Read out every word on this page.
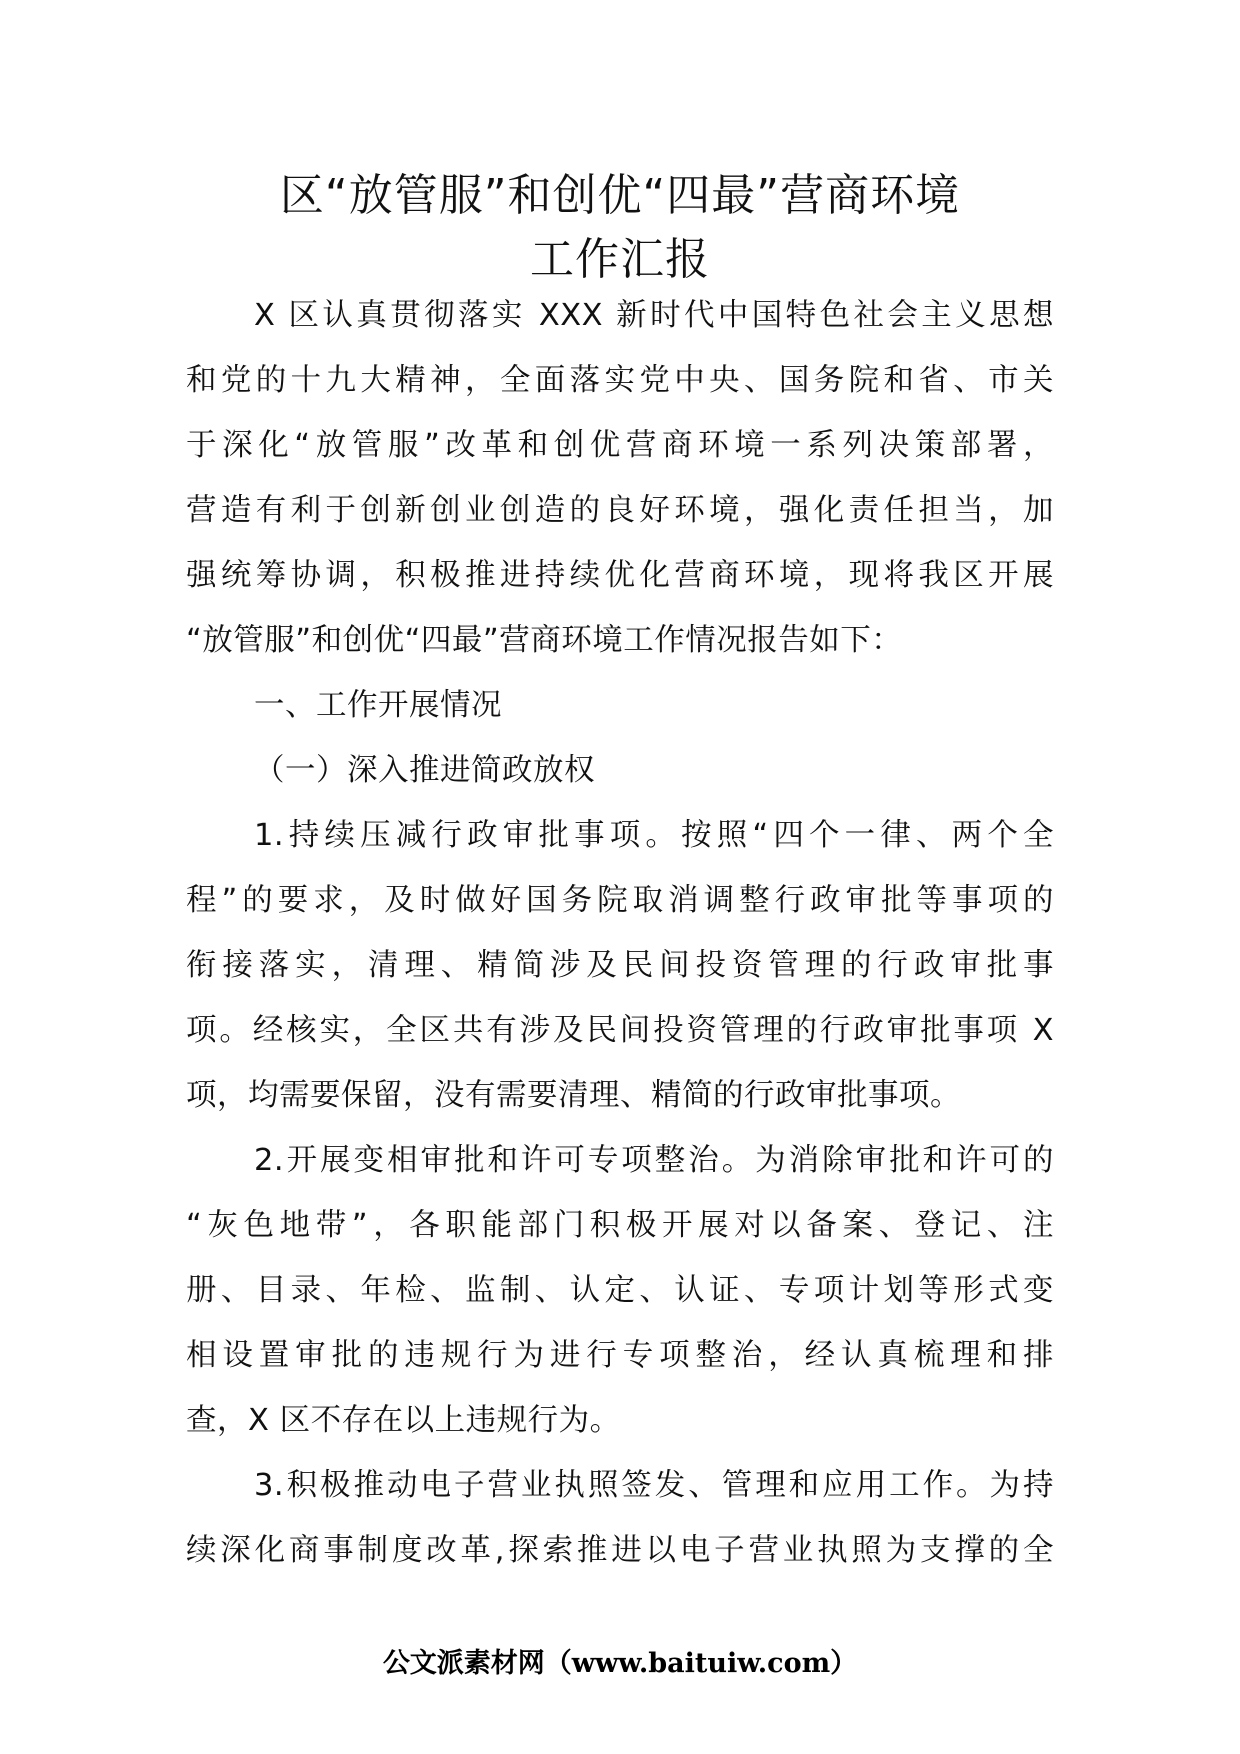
区“放管服”和创优“四最”营商环境
工作汇报
X 区认真贯彻落实 XXX 新时代中国特色社会主义思想
和党的十九大精神，全面落实党中央、国务院和省、市关
于深化“放管服”改革和创优营商环境一系列决策部署，
营造有利于创新创业创造的良好环境，强化责任担当，加
强统筹协调，积极推进持续优化营商环境，现将我区开展
“放管服”和创优“四最”营商环境工作情况报告如下：
一、工作开展情况
（一）深入推进简政放权
1.持续压减行政审批事项。按照“四个一律、两个全
程”的要求，及时做好国务院取消调整行政审批等事项的
衔接落实，清理、精简涉及民间投资管理的行政审批事
项。经核实，全区共有涉及民间投资管理的行政审批事项 X
项，均需要保留，没有需要清理、精简的行政审批事项。
2.开展变相审批和许可专项整治。为消除审批和许可的
“灰色地带”，各职能部门积极开展对以备案、登记、注
册、目录、年检、监制、认定、认证、专项计划等形式变
相设置审批的违规行为进行专项整治，经认真梳理和排
查，X 区不存在以上违规行为。
3.积极推动电子营业执照签发、管理和应用工作。为持
续深化商事制度改革,探索推进以电子营业执照为支撑的全
公文派素材网（www.baituiw.com）
